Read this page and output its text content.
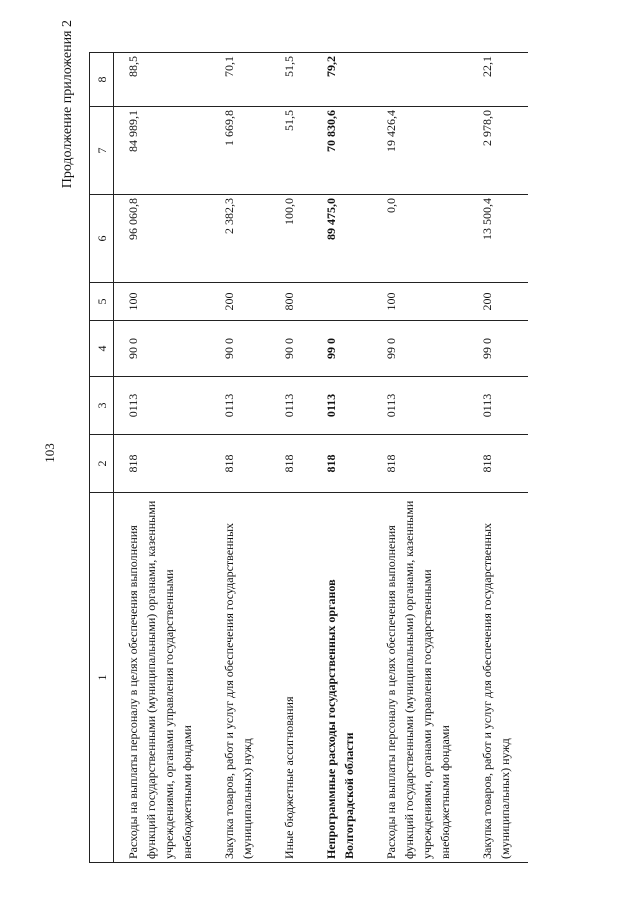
103
Продолжение приложения 2
1	2	3	4	5	6	7	8
Расходы на выплаты персоналу в целях обеспечения выполнения функций государственными (муниципальными) органами, казенными учреждениями, органами управления государственными внебюджетными фондами	818	0113	90 0	100	96 060,8	84 989,1	88,5
Закупка товаров, работ и услуг для обеспечения государственных (муниципальных) нужд	818	0113	90 0	200	2 382,3	1 669,8	70,1
Иные бюджетные ассигнования	818	0113	90 0	800	100,0	51,5	51,5
Непрограммные расходы государственных органов Волгоградской области	818	0113	99 0		89 475,0	70 830,6	79,2
Расходы на выплаты персоналу в целях обеспечения выполнения функций государственными (муниципальными) органами, казенными учреждениями, органами управления государственными внебюджетными фондами	818	0113	99 0	100	0,0	19 426,4	
Закупка товаров, работ и услуг для обеспечения государственных (муниципальных) нужд	818	0113	99 0	200	13 500,4	2 978,0	22,1
